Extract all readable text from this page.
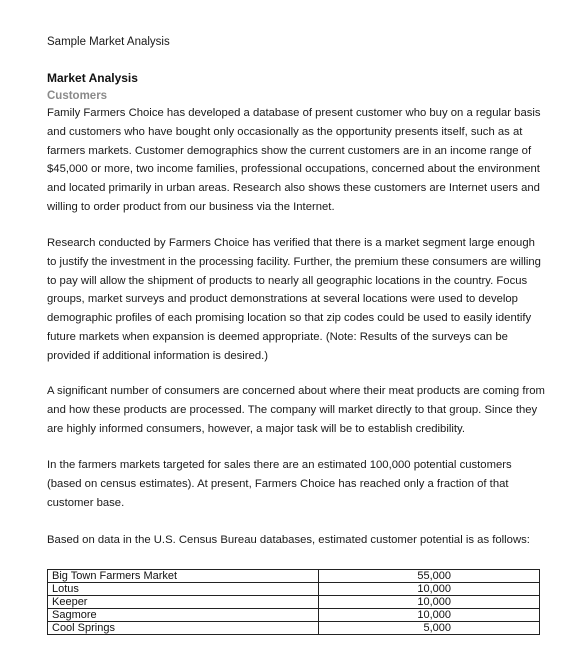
Sample Market Analysis
Market Analysis
Customers
Family Farmers Choice has developed a database of present customer who buy on a regular basis
and customers who have bought only occasionally as the opportunity presents itself, such as at
farmers markets. Customer demographics show the current customers are in an income range of
$45,000 or more, two income families, professional occupations, concerned about the environment
and located primarily in urban areas. Research also shows these customers are Internet users and
willing to order product from our business via the Internet.
Research conducted by Farmers Choice has verified that there is a market segment large enough
to justify the investment in the processing facility. Further, the premium these consumers are willing
to pay will allow the shipment of products to nearly all geographic locations in the country. Focus
groups, market surveys and product demonstrations at several locations were used to develop
demographic profiles of each promising location so that zip codes could be used to easily identify
future markets when expansion is deemed appropriate. (Note: Results of the surveys can be
provided if additional information is desired.)
A significant number of consumers are concerned about where their meat products are coming from
and how these products are processed. The company will market directly to that group. Since they
are highly informed consumers, however, a major task will be to establish credibility.
In the farmers markets targeted for sales there are an estimated 100,000 potential customers
(based on census estimates). At present, Farmers Choice has reached only a fraction of that
customer base.
Based on data in the U.S. Census Bureau databases, estimated customer potential is as follows:
Big Town Farmers Market	55,000
Lotus	10,000
Keeper	10,000
Sagmore	10,000
Cool Springs	5,000
